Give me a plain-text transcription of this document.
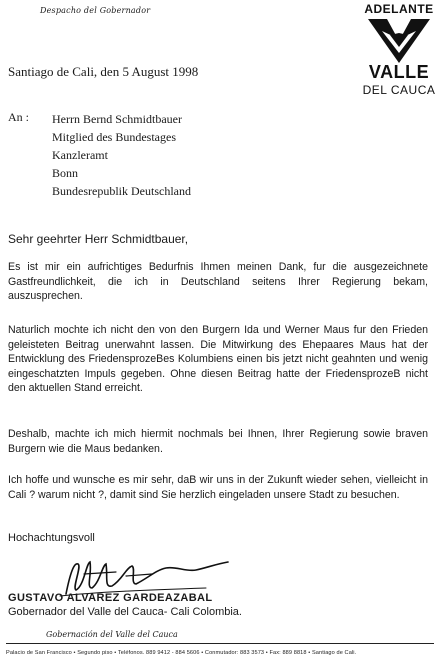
Despacho del Gobernador	ADELANTE
VALLE
DEL CAUCA
Santiago de Cali, den 5 August 1998
An :	Herrn Bernd Schmidtbauer
Mitglied des Bundestages
Kanzleramt
Bonn
Bundesrepublik Deutschland
Sehr geehrter Herr Schmidtbauer,

Es ist mir ein aufrichtiges Bedurfnis Ihmen meinen Dank, fur die ausgezeichnete Gastfreundlichkeit, die ich in Deutschland seitens Ihrer Regierung bekam, auszusprechen.

Naturlich mochte ich nicht den von den Burgern Ida und Werner Maus fur den Frieden geleisteten Beitrag unerwahnt lassen. Die Mitwirkung des Ehepaares Maus hat der Entwicklung des FriedensprozeBes Kolumbiens einen bis jetzt nicht geahnten und wenig eingeschatzten Impuls gegeben. Ohne diesen Beitrag hatte der FriedensprozeB nicht den aktuellen Stand erreicht.

Deshalb, machte ich mich hiermit nochmals bei Ihnen, Ihrer Regierung sowie braven Burgern wie die Maus bedanken.

Ich hoffe und wunsche es mir sehr, daB wir uns in der Zukunft wieder sehen, vielleicht in Cali ? warum nicht ?, damit sind Sie herzlich eingeladen unsere Stadt zu besuchen.

Hochachtungsvoll
GUSTAVO ALVAREZ GARDEAZABAL
Gobernador del Valle del Cauca- Cali Colombia.
Gobernación del Valle del Cauca
Palacio de San Francisco • Segundo piso • Teléfonos. 889 9412 - 884 5606 • Conmutador: 883 3573 • Fax: 889 8818 • Santiago de Cali.
